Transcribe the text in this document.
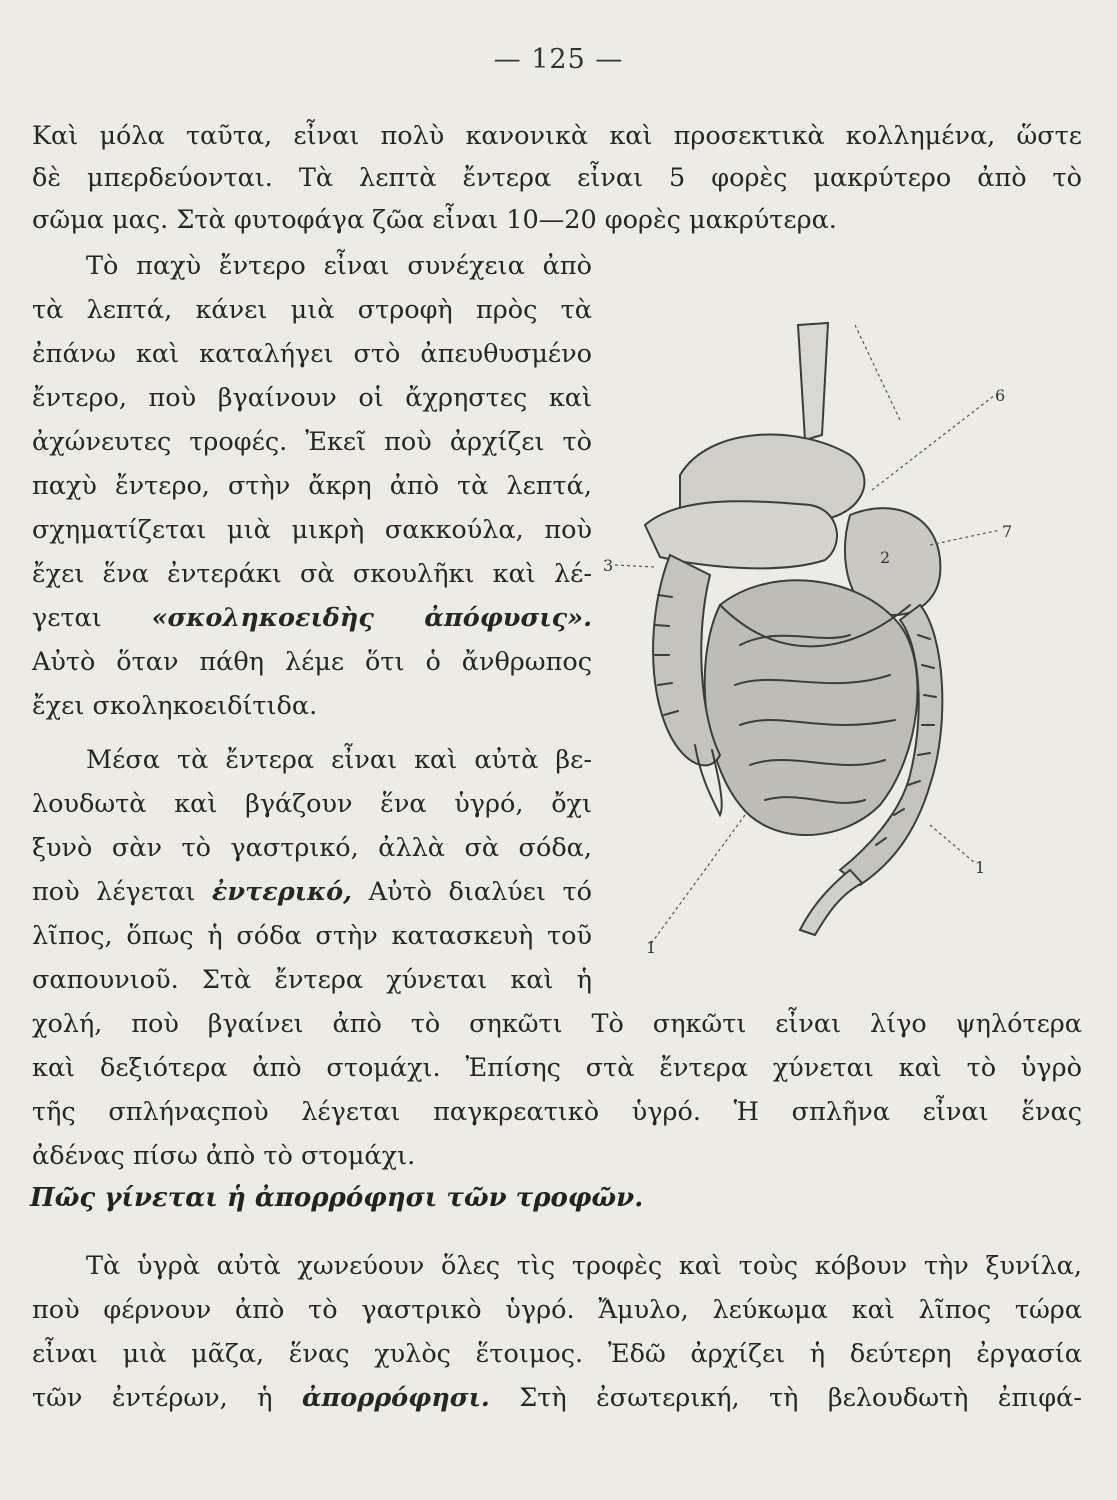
— 125 —
Καὶ μόλα ταῦτα, εἶναι πολὺ κανονικὰ καὶ προσεκτικὰ κολλημένα, ὥστε
δὲ μπερδεύονται. Τὰ λεπτὰ ἔντερα εἶναι 5 φορὲς μακρύτερο ἀπὸ τὸ
σῶμα μας. Στὰ φυτοφάγα ζῶα εἶναι 10—20 φορὲς μακρύτερα.
Τὸ παχὺ ἔντερο εἶναι συνέχεια ἀπὸ
τὰ λεπτά, κάνει μιὰ στροφὴ πρὸς τὰ
ἐπάνω καὶ καταλήγει στὸ ἀπευθυσμένο
ἔντερο, ποὺ βγαίνουν οἱ ἄχρηστες καὶ
ἀχώνευτες τροφές. Ἐκεῖ ποὺ ἀρχίζει τὸ
παχὺ ἔντερο, στὴν ἄκρη ἀπὸ τὰ λεπτά,
σχηματίζεται μιὰ μικρὴ σακκούλα, ποὺ
ἔχει ἕνα ἐντεράκι σὰ σκουλῆκι καὶ λέ-
γεται «σκοληκοειδὴς ἀπόφυσις».
Αὐτὸ ὅταν πάθη λέμε ὅτι ὁ ἄνθρωπος
ἔχει σκοληκοειδίτιδα.
Μέσα τὰ ἔντερα εἶναι καὶ αὐτὰ βε-
λουδωτὰ καὶ βγάζουν ἕνα ὑγρό, ὄχι
ξυνὸ σὰν τὸ γαστρικό, ἀλλὰ σὰ σόδα,
ποὺ λέγεται ἐντερικό, Αὐτὸ διαλύει τό
λῖπος, ὅπως ἡ σόδα στὴν κατασκευὴ τοῦ
σαπουνιοῦ. Στὰ ἔντερα χύνεται καὶ ἡ
χολή, ποὺ βγαίνει ἀπὸ τὸ σηκῶτι Τὸ σηκῶτι εἶναι λίγο ψηλότερα
καὶ δεξιότερα ἀπὸ στομάχι. Ἐπίσης στὰ ἔντερα χύνεται καὶ τὸ ὑγρὸ
τῆς σπλήναςποὺ λέγεται παγκρεατικὸ ὑγρό. Ἡ σπλῆνα εἶναι ἕνας
ἀδένας πίσω ἀπὸ τὸ στομάχι.
Πῶς γίνεται ἡ ἀπορρόφησι τῶν τροφῶν.
Τὰ ὑγρὰ αὐτὰ χωνεύουν ὅλες τὶς τροφὲς καὶ τοὺς κόβουν τὴν ξυνίλα,
ποὺ φέρνουν ἀπὸ τὸ γαστρικὸ ὑγρό. Ἄμυλο, λεύκωμα καὶ λῖπος τώρα
εἶναι μιὰ μᾶζα, ἕνας χυλὸς ἕτοιμος. Ἐδῶ ἀρχίζει ἡ δεύτερη ἐργασία
τῶν ἐντέρων, ἡ ἀπορρόφησι. Στὴ ἐσωτερική, τὴ βελουδωτὴ ἐπιφά-
6
7
2
3
1
1
